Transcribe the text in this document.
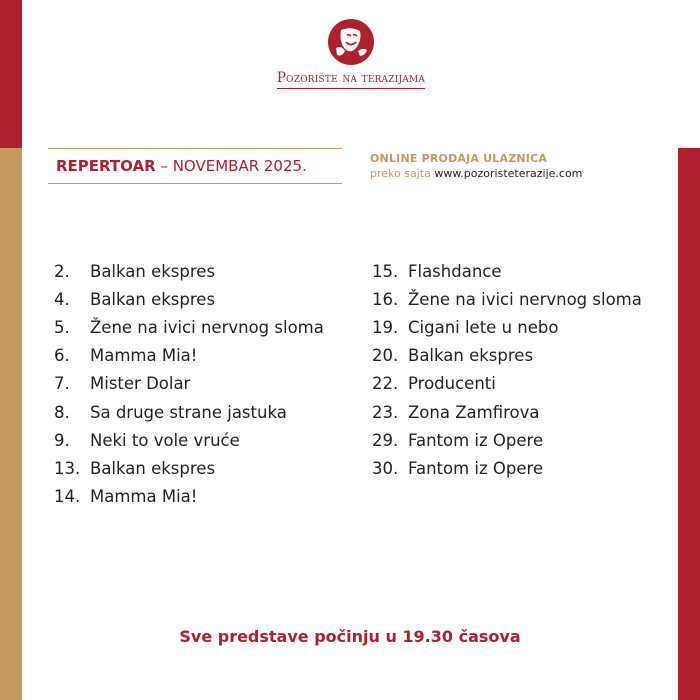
Pozorište na terazijama
REPERTOAR – NOVEMBAR 2025.	ONLINE PRODAJA ULAZNICA
preko sajta www.pozoristeterazije.com
2.	Balkan ekspres
4.	Balkan ekspres
5.	Žene na ivici nervnog sloma
6.	Mamma Mia!
7.	Mister Dolar
8.	Sa druge strane jastuka
9.	Neki to vole vruće
13. Balkan ekspres
14. Mamma Mia!
15. Flashdance
16. Žene na ivici nervnog sloma
19. Cigani lete u nebo
20. Balkan ekspres
22. Producenti
23. Zona Zamfirova
29. Fantom iz Opere
30. Fantom iz Opere
Sve predstave počinju u 19.30 časova
